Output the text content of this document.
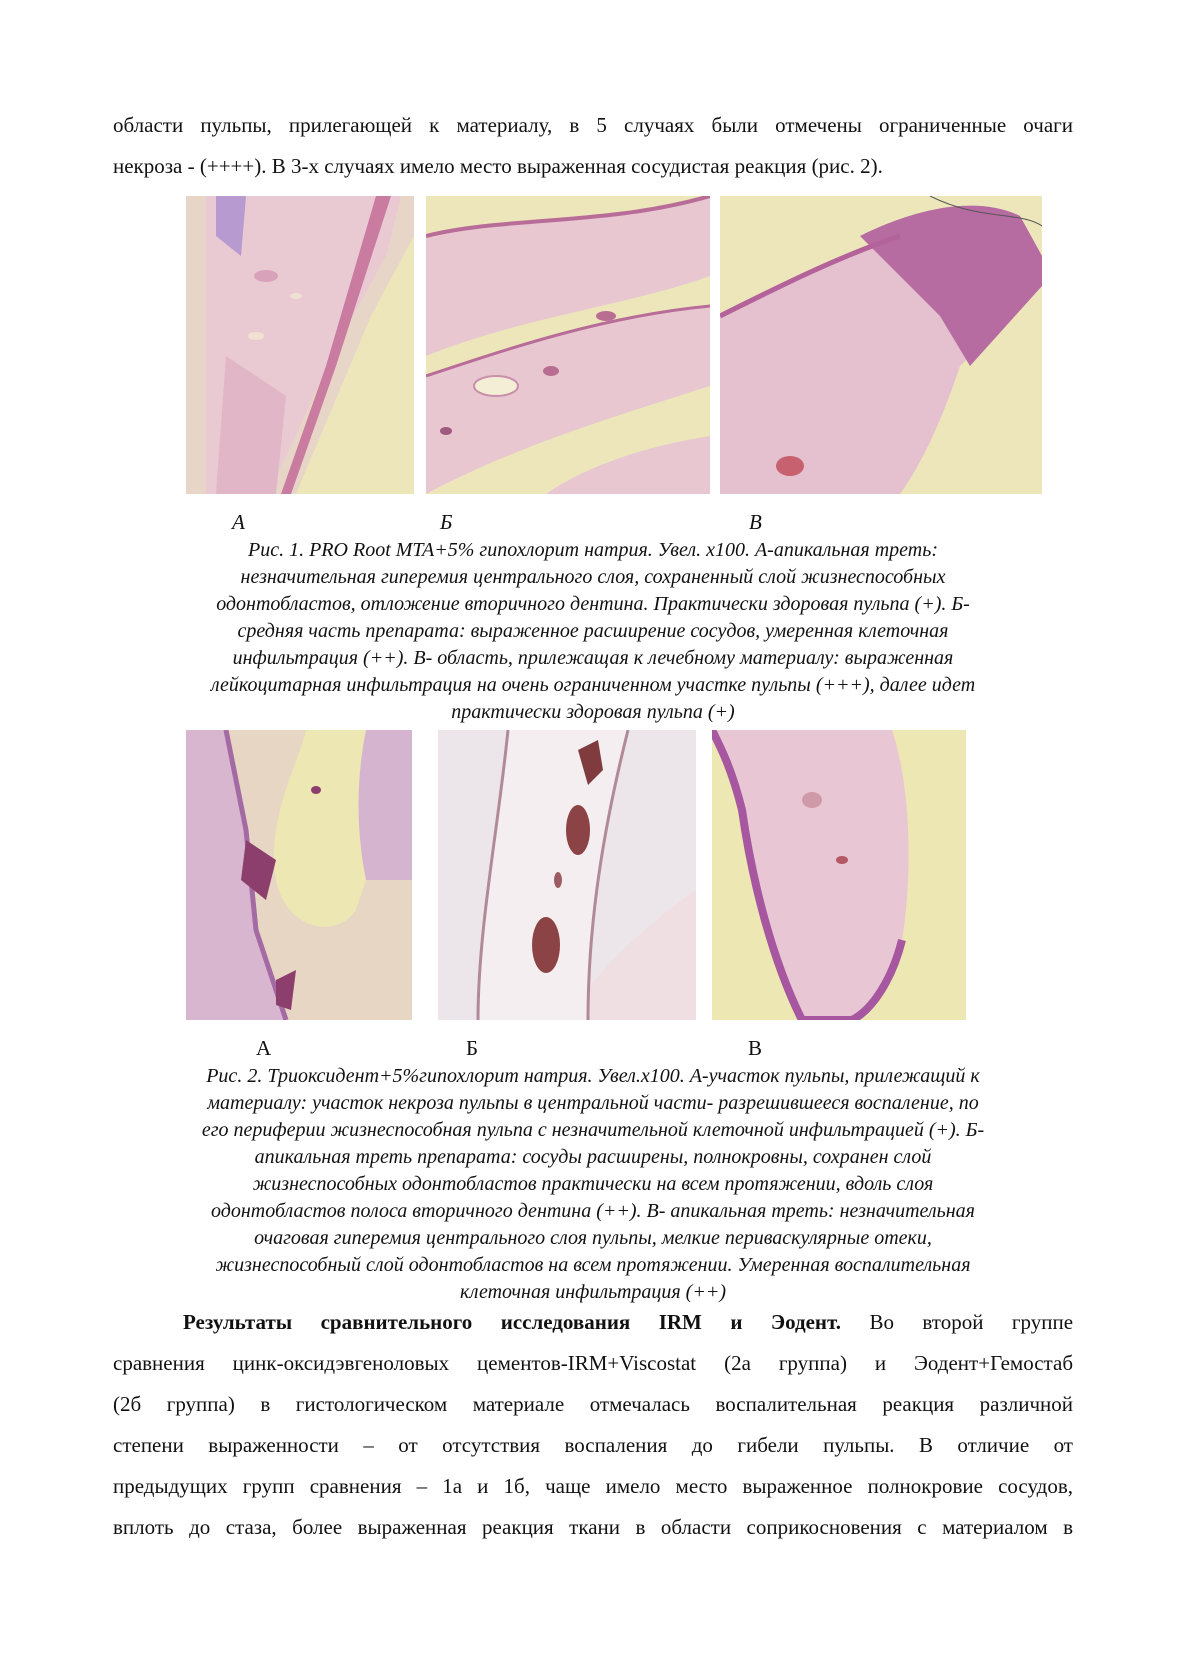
области пульпы, прилегающей к материалу, в 5 случаях были отмечены ограниченные очаги
некроза - (++++). В 3-х случаях имело место выраженная сосудистая реакция (рис. 2).
А	Б	В
Рис. 1. PRO Root MTA+5% гипохлорит натрия. Увел. х100. А-апикальная треть:
незначительная гиперемия центрального слоя, сохраненный слой жизнеспособных
одонтобластов, отложение вторичного дентина. Практически здоровая пульпа (+). Б-
средняя часть препарата: выраженное расширение сосудов, умеренная клеточная
инфильтрация (++). В- область, прилежащая к лечебному материалу: выраженная
лейкоцитарная инфильтрация на очень ограниченном участке пульпы (+++), далее идет
практически здоровая пульпа (+)
А	Б	В
Рис. 2. Триоксидент+5%гипохлорит натрия. Увел.х100. А-участок пульпы, прилежащий к
материалу: участок некроза пульпы в центральной части- разрешившееся воспаление, по
его периферии жизнеспособная пульпа с незначительной клеточной инфильтрацией (+). Б-
апикальная треть препарата: сосуды расширены, полнокровны, сохранен слой
жизнеспособных одонтобластов практически на всем протяжении, вдоль слоя
одонтобластов полоса вторичного дентина (++). В- апикальная треть: незначительная
очаговая гиперемия центрального слоя пульпы, мелкие периваскулярные отеки,
жизнеспособный слой одонтобластов на всем протяжении. Умеренная воспалительная
клеточная инфильтрация (++)
Результаты сравнительного исследования IRM и Эодент. Во второй группе
сравнения цинк-оксидэвгеноловых цементов-IRM+Viscostat (2а группа) и Эодент+Гемостаб
(2б группа) в гистологическом материале отмечалась воспалительная реакция различной
степени выраженности – от отсутствия воспаления до гибели пульпы. В отличие от
предыдущих групп сравнения – 1а и 1б, чаще имело место выраженное полнокровие сосудов,
вплоть до стаза, более выраженная реакция ткани в области соприкосновения с материалом в
